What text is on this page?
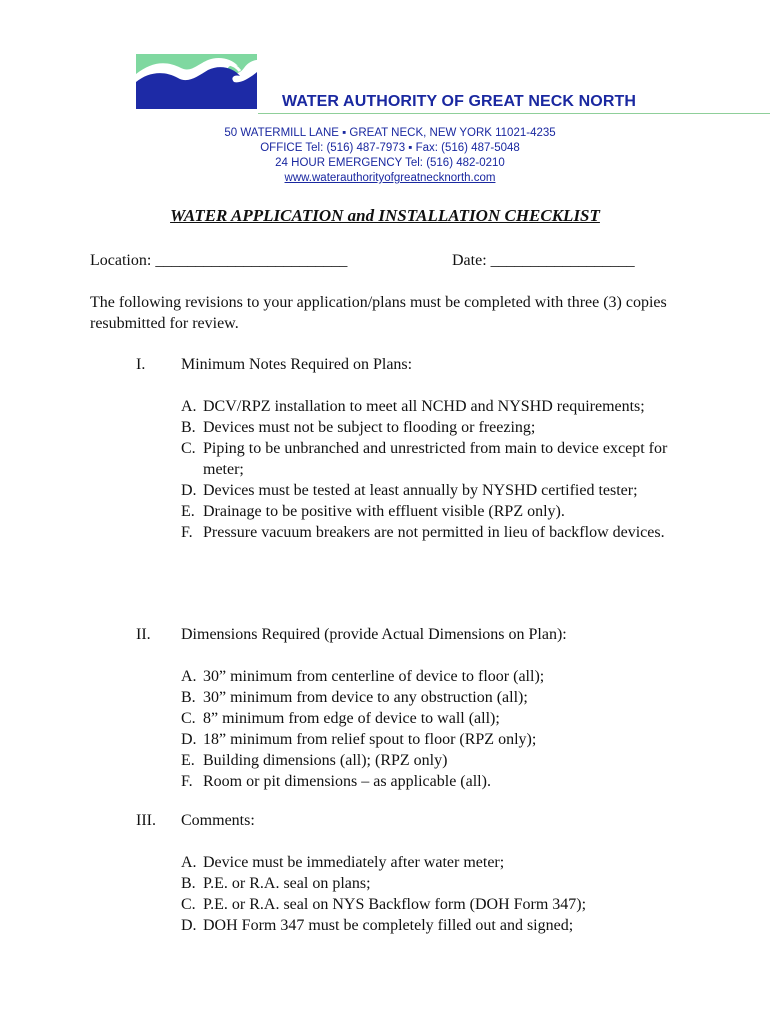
WATER AUTHORITY OF GREAT NECK NORTH
50 WATERMILL LANE ▪ GREAT NECK, NEW YORK 11021-4235
OFFICE Tel: (516) 487-7973 ▪ Fax: (516) 487-5048
24 HOUR EMERGENCY Tel: (516) 482-0210
www.waterauthorityofgreatnecknorth.com
WATER APPLICATION and INSTALLATION CHECKLIST
Location: ________________________	Date: __________________
The following revisions to your application/plans must be completed with three (3) copies resubmitted for review.
I. Minimum Notes Required on Plans:
A. DCV/RPZ installation to meet all NCHD and NYSHD requirements;
B. Devices must not be subject to flooding or freezing;
C. Piping to be unbranched and unrestricted from main to device except for meter;
D. Devices must be tested at least annually by NYSHD certified tester;
E. Drainage to be positive with effluent visible (RPZ only).
F. Pressure vacuum breakers are not permitted in lieu of backflow devices.
II. Dimensions Required (provide Actual Dimensions on Plan):
A. 30” minimum from centerline of device to floor (all);
B. 30” minimum from device to any obstruction (all);
C. 8” minimum from edge of device to wall (all);
D. 18” minimum from relief spout to floor (RPZ only);
E. Building dimensions (all); (RPZ only)
F. Room or pit dimensions – as applicable (all).
III. Comments:
A. Device must be immediately after water meter;
B. P.E. or R.A. seal on plans;
C. P.E. or R.A. seal on NYS Backflow form (DOH Form 347);
D. DOH Form 347 must be completely filled out and signed;
